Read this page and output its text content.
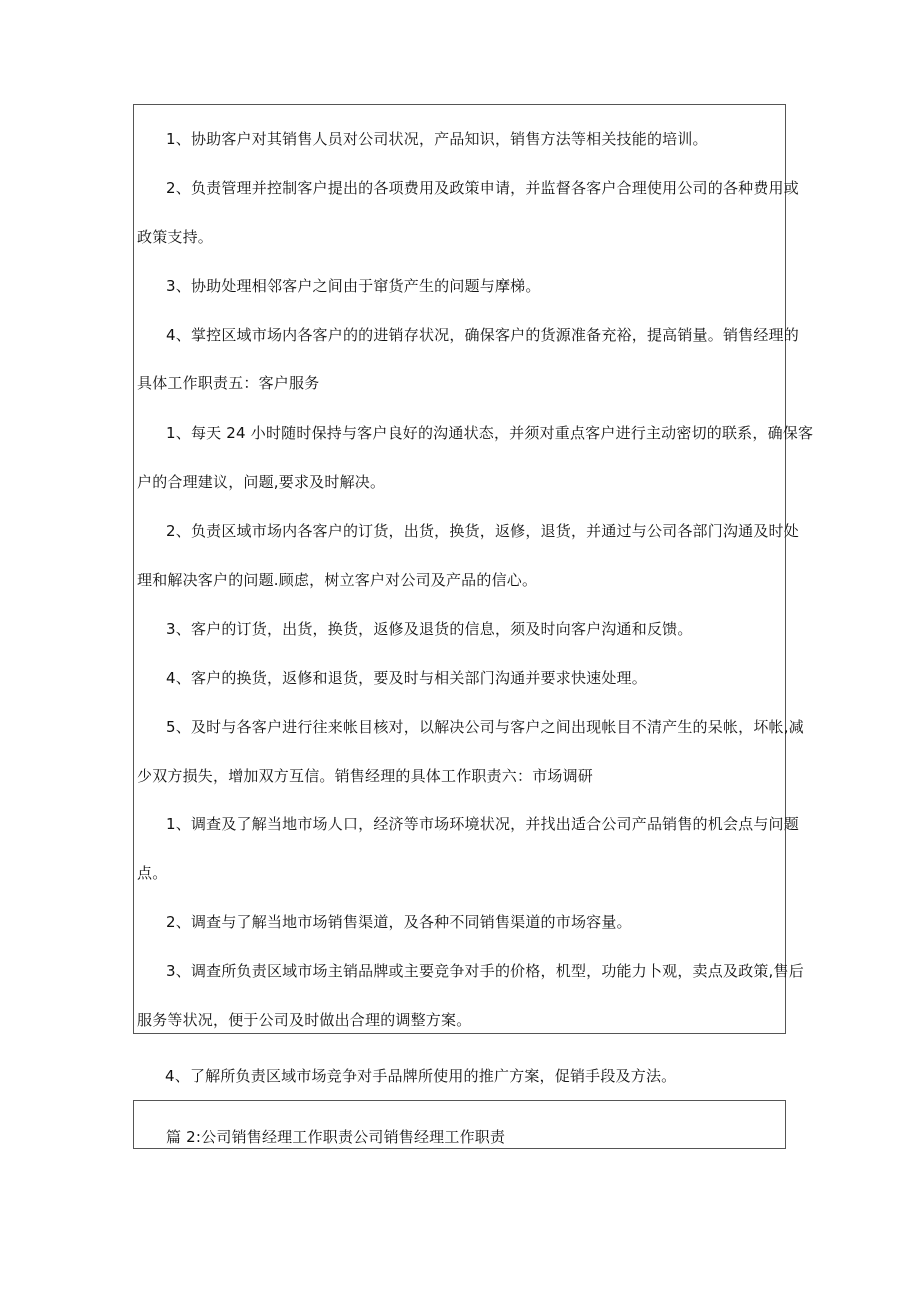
1、协助客户对其销售人员对公司状况，产品知识，销售方法等相关技能的培训。
2、负责管理并控制客户提出的各项费用及政策申请，并监督各客户合理使用公司的各种费用或
政策支持。
3、协助处理相邻客户之间由于窜货产生的问题与摩梯。
4、掌控区域市场内各客户的的进销存状况，确保客户的货源准备充裕，提高销量。销售经理的
具体工作职责五：客户服务
1、每天 24 小时随时保持与客户良好的沟通状态，并须对重点客户进行主动密切的联系，确保客
户的合理建议，问题,要求及时解决。
2、负责区域市场内各客户的订货，出货，换货，返修，退货，并通过与公司各部门沟通及时处
理和解决客户的问题.顾虑，树立客户对公司及产品的信心。
3、客户的订货，出货，换货，返修及退货的信息，须及时向客户沟通和反馈。
4、客户的换货，返修和退货，要及时与相关部门沟通并要求快速处理。
5、及时与各客户进行往来帐目核对，以解决公司与客户之间出现帐目不清产生的呆帐，坏帐,减
少双方损失，增加双方互信。销售经理的具体工作职责六：市场调研
1、调查及了解当地市场人口，经济等市场环境状况，并找出适合公司产品销售的机会点与问题
点。
2、调查与了解当地市场销售渠道，及各种不同销售渠道的市场容量。
3、调查所负责区域市场主销品牌或主要竞争对手的价格，机型，功能力卜观，卖点及政策,售后
服务等状况，便于公司及时做出合理的调整方案。
4、了解所负责区域市场竞争对手品牌所使用的推广方案，促销手段及方法。
篇 2:公司销售经理工作职责公司销售经理工作职责
